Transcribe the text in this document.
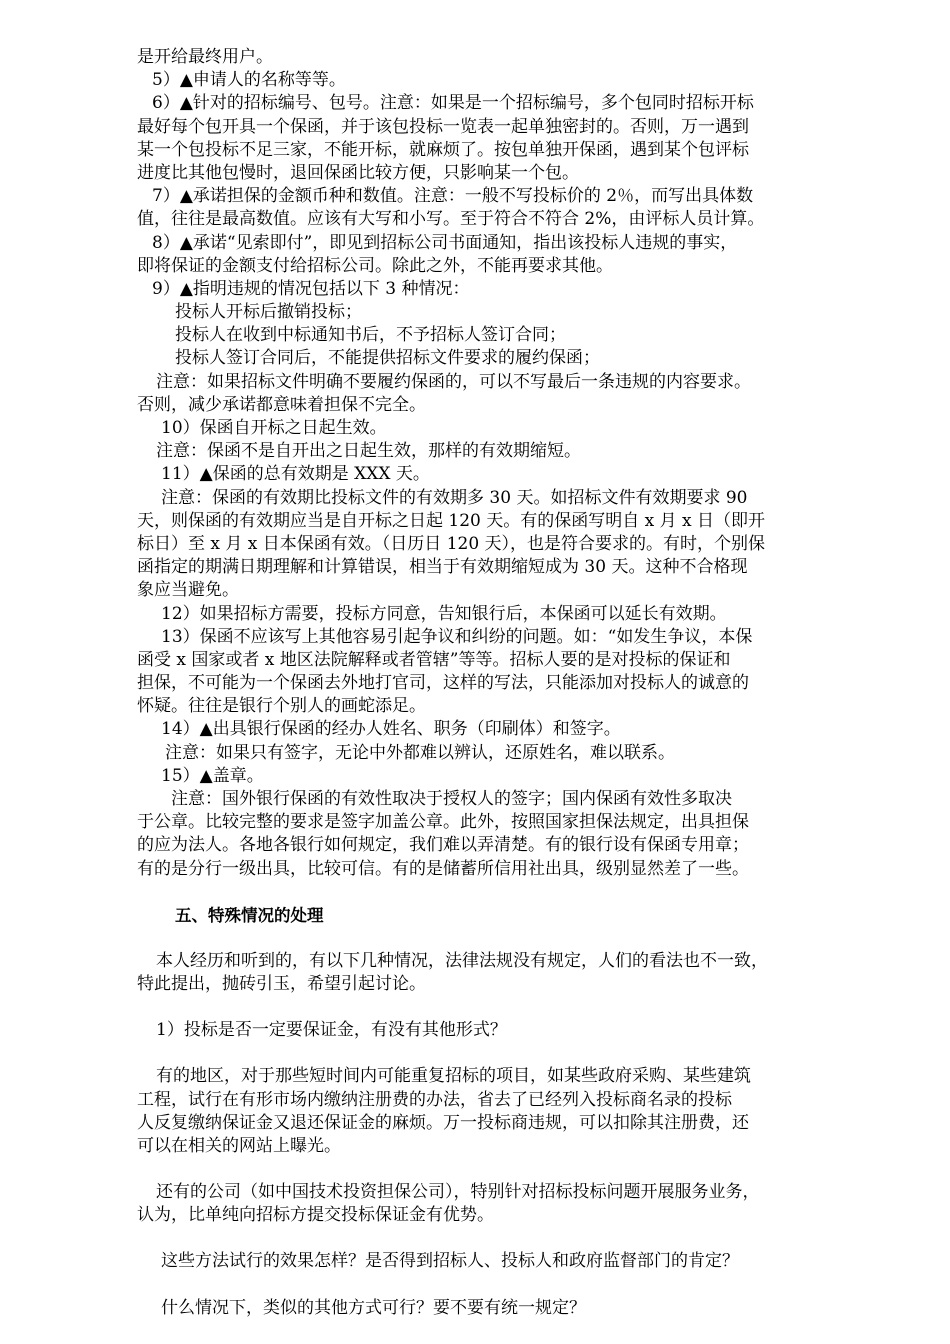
是开给最终用户。
5）▲申请人的名称等等。
6）▲针对的招标编号、包号。注意：如果是一个招标编号，多个包同时招标开标
最好每个包开具一个保函，并于该包投标一览表一起单独密封的。否则，万一遇到
某一个包投标不足三家，不能开标，就麻烦了。按包单独开保函，遇到某个包评标
进度比其他包慢时，退回保函比较方便，只影响某一个包。
7）▲承诺担保的金额币种和数值。注意：一般不写投标价的 2％，而写出具体数
值，往往是最高数值。应该有大写和小写。至于符合不符合 2%，由评标人员计算。
8）▲承诺“见索即付”，即见到招标公司书面通知，指出该投标人违规的事实，
即将保证的金额支付给招标公司。除此之外，不能再要求其他。
9）▲指明违规的情况包括以下 3 种情况：
投标人开标后撤销投标；
投标人在收到中标通知书后，不予招标人签订合同；
投标人签订合同后，不能提供招标文件要求的履约保函；
注意：如果招标文件明确不要履约保函的，可以不写最后一条违规的内容要求。
否则，减少承诺都意味着担保不完全。
10）保函自开标之日起生效。
注意：保函不是自开出之日起生效，那样的有效期缩短。
11）▲保函的总有效期是 XXX 天。
注意：保函的有效期比投标文件的有效期多 30 天。如招标文件有效期要求 90
天，则保函的有效期应当是自开标之日起 120 天。有的保函写明自 x 月 x 日（即开
标日）至 x 月 x 日本保函有效。（日历日 120 天），也是符合要求的。有时，个别保
函指定的期满日期理解和计算错误，相当于有效期缩短成为 30 天。这种不合格现
象应当避免。
12）如果招标方需要，投标方同意，告知银行后，本保函可以延长有效期。
13）保函不应该写上其他容易引起争议和纠纷的问题。如：“如发生争议，本保
函受 x 国家或者 x 地区法院解释或者管辖”等等。招标人要的是对投标的保证和
担保，不可能为一个保函去外地打官司，这样的写法，只能添加对投标人的诚意的
怀疑。往往是银行个别人的画蛇添足。
14）▲出具银行保函的经办人姓名、职务（印刷体）和签字。
注意：如果只有签字，无论中外都难以辨认，还原姓名，难以联系。
15）▲盖章。
注意：国外银行保函的有效性取决于授权人的签字；国内保函有效性多取决
于公章。比较完整的要求是签字加盖公章。此外，按照国家担保法规定，出具担保
的应为法人。各地各银行如何规定，我们难以弄清楚。有的银行设有保函专用章；
有的是分行一级出具，比较可信。有的是储蓄所信用社出具，级别显然差了一些。
五、特殊情况的处理
本人经历和听到的，有以下几种情况，法律法规没有规定，人们的看法也不一致，
特此提出，抛砖引玉，希望引起讨论。
1）投标是否一定要保证金，有没有其他形式？
有的地区，对于那些短时间内可能重复招标的项目，如某些政府采购、某些建筑
工程，试行在有形市场内缴纳注册费的办法，省去了已经列入投标商名录的投标
人反复缴纳保证金又退还保证金的麻烦。万一投标商违规，可以扣除其注册费，还
可以在相关的网站上曝光。
还有的公司（如中国技术投资担保公司），特别针对招标投标问题开展服务业务，
认为，比单纯向招标方提交投标保证金有优势。
这些方法试行的效果怎样？是否得到招标人、投标人和政府监督部门的肯定？
什么情况下，类似的其他方式可行？要不要有统一规定？
